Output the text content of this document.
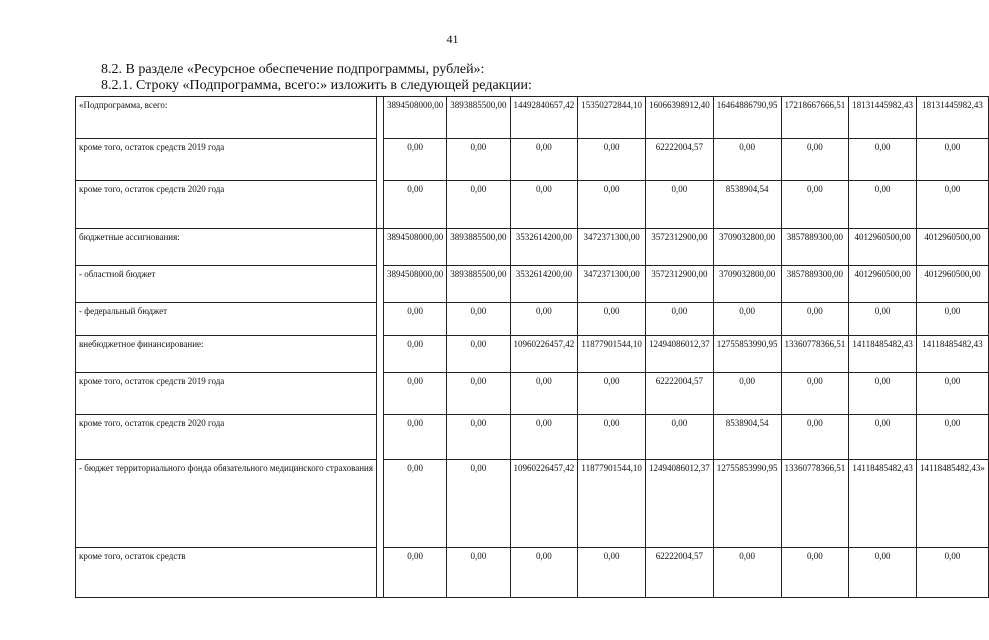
41
8.2. В разделе «Ресурсное обеспечение подпрограммы, рублей»:
8.2.1. Строку «Подпрограмма, всего:» изложить в следующей редакции:
«Подпрограмма, всего:		3894508000,00	3893885500,00	14492840657,42	15350272844,10	16066398912,40	16464886790,95	17218667666,51	18131445982,43	18131445982,43
кроме того, остаток средств 2019 года		0,00	0,00	0,00	0,00	62222004,57	0,00	0,00	0,00	0,00
кроме того, остаток средств 2020 года		0,00	0,00	0,00	0,00	0,00	8538904,54	0,00	0,00	0,00
бюджетные ассигнования:		3894508000,00	3893885500,00	3532614200,00	3472371300,00	3572312900,00	3709032800,00	3857889300,00	4012960500,00	4012960500,00
- областной бюджет		3894508000,00	3893885500,00	3532614200,00	3472371300,00	3572312900,00	3709032800,00	3857889300,00	4012960500,00	4012960500,00
- федеральный бюджет		0,00	0,00	0,00	0,00	0,00	0,00	0,00	0,00	0,00
внебюджетное финансирование:		0,00	0,00	10960226457,42	11877901544,10	12494086012,37	12755853990,95	13360778366,51	14118485482,43	14118485482,43
кроме того, остаток средств 2019 года		0,00	0,00	0,00	0,00	62222004,57	0,00	0,00	0,00	0,00
кроме того, остаток средств 2020 года		0,00	0,00	0,00	0,00	0,00	8538904,54	0,00	0,00	0,00
- бюджет территориального фонда обязательного медицинского страхования		0,00	0,00	10960226457,42	11877901544,10	12494086012,37	12755853990,95	13360778366,51	14118485482,43	14118485482,43»
кроме того, остаток средств		0,00	0,00	0,00	0,00	62222004,57	0,00	0,00	0,00	0,00
